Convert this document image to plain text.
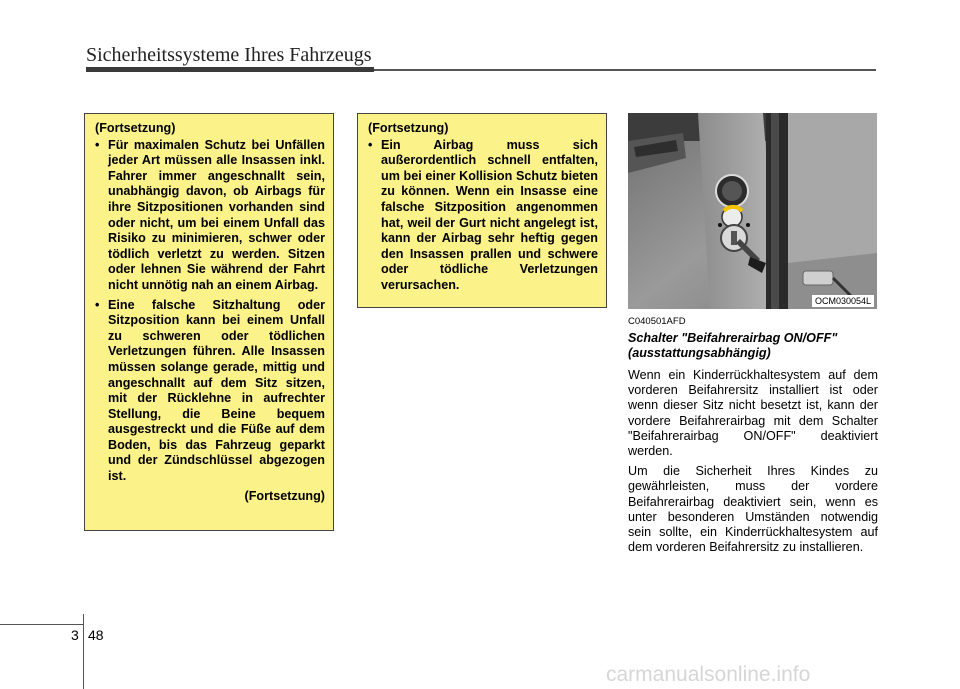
Sicherheitssysteme Ihres Fahrzeugs
(Fortsetzung)
• Für maximalen Schutz bei Unfällen jeder Art müssen alle Insassen inkl. Fahrer immer angeschnallt sein, unabhängig davon, ob Airbags für ihre Sitzpositionen vorhanden sind oder nicht, um bei einem Unfall das Risiko zu minimieren, schwer oder tödlich verletzt zu werden. Sitzen oder lehnen Sie während der Fahrt nicht unnötig nah an einem Airbag.
• Eine falsche Sitzhaltung oder Sitzposition kann bei einem Unfall zu schweren oder tödlichen Verletzungen führen. Alle Insassen müssen solange gerade, mittig und angeschnallt auf dem Sitz sitzen, mit der Rücklehne in aufrechter Stellung, die Beine bequem ausgestreckt und die Füße auf dem Boden, bis das Fahrzeug geparkt und der Zündschlüssel abgezogen ist.
(Fortsetzung)
(Fortsetzung)
• Ein Airbag muss sich außerordentlich schnell entfalten, um bei einer Kollision Schutz bieten zu können. Wenn ein Insasse eine falsche Sitzposition angenommen hat, weil der Gurt nicht angelegt ist, kann der Airbag sehr heftig gegen den Insassen prallen und schwere oder tödliche Verletzungen verursachen.
OCM030054L
C040501AFD
Schalter "Beifahrerairbag ON/OFF" (ausstattungsabhängig)

Wenn ein Kinderrückhaltesystem auf dem vorderen Beifahrersitz installiert ist oder wenn dieser Sitz nicht besetzt ist, kann der vordere Beifahrerairbag mit dem Schalter "Beifahrerairbag ON/OFF" deaktiviert werden.

Um die Sicherheit Ihres Kindes zu gewährleisten, muss der vordere Beifahrerairbag deaktiviert sein, wenn es unter besonderen Umständen notwendig sein sollte, ein Kinderrückhaltesystem auf dem vorderen Beifahrersitz zu installieren.

3 48
carmanualsonline.info
